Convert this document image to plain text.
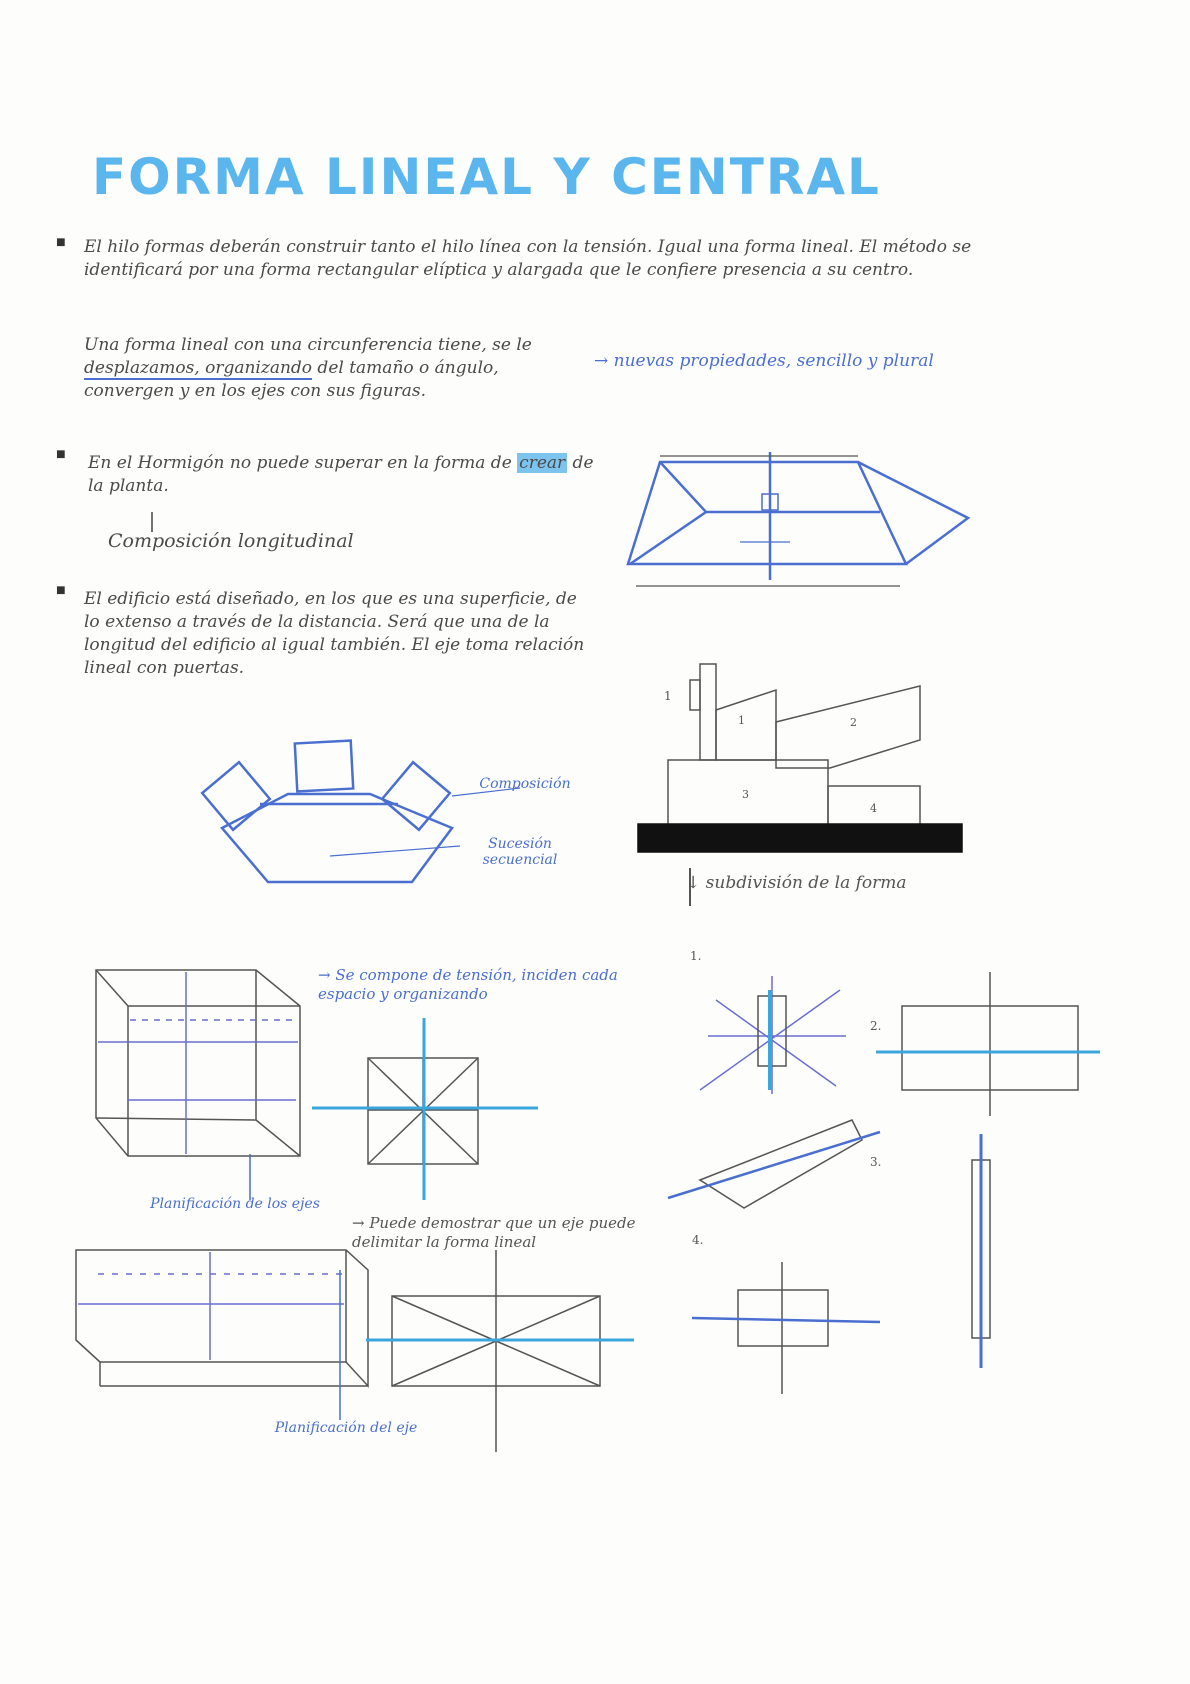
FORMA LINEAL Y CENTRAL
■ El hilo formas deberán construir tanto el hilo línea con la tensión. Igual una forma lineal. El método se identificará por una forma rectangular elíptica y alargada que le confiere presencia a su centro.
Una forma lineal con una circunferencia tiene, se le desplazamos, organizando del tamaño o ángulo, convergen y en los ejes con sus figuras.
→ nuevas propiedades, sencillo y plural
■ En el Hormigón no puede superar en la forma de crear de la planta.
Composición longitudinal
■ El edificio está diseñado, en los que es una superficie, de lo extenso a través de la distancia. Será que una de la longitud del edificio al igual también. El eje toma relación lineal con puertas.
Composición
Sucesión secuencial
↓ subdivisión de la forma
→ Se compone de tensión, inciden cada espacio y organizando
Planificación de los ejes
→ Puede demostrar que un eje puede delimitar la forma lineal
Planificación del eje
1
1	2
3
4
1.
2.
3.
4.
